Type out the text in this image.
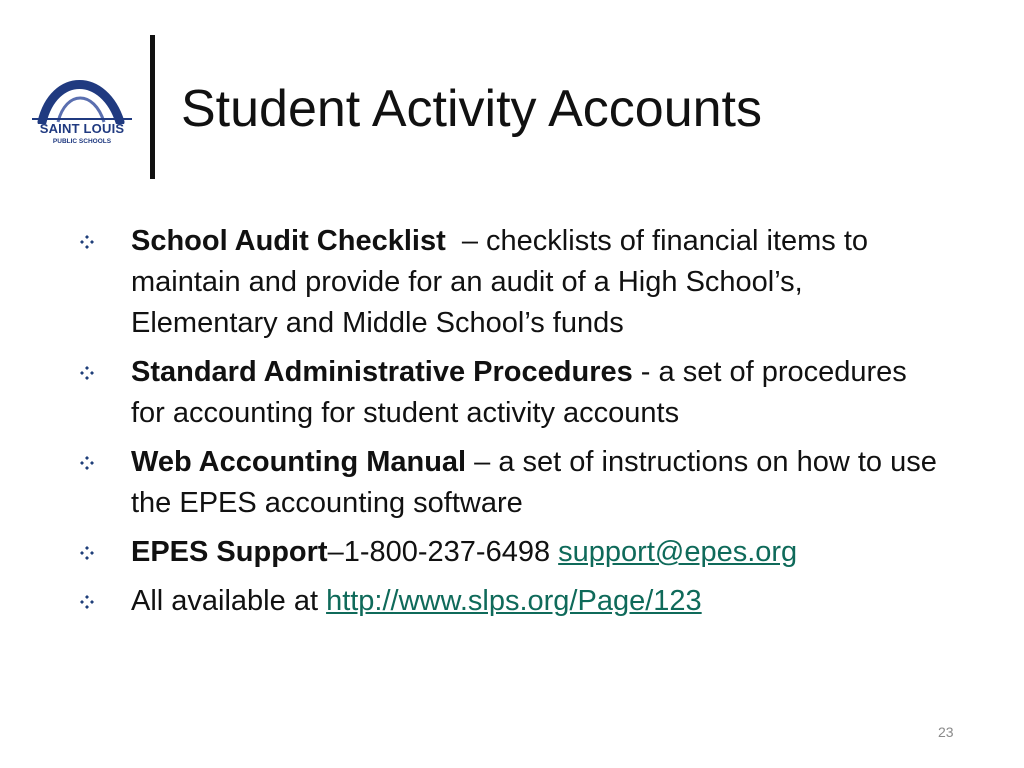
SAINT LOUIS
PUBLIC SCHOOLS
Student Activity Accounts
School Audit Checklist  – checklists of financial items to maintain and provide for an audit of a High School’s, Elementary and Middle School’s funds
Standard Administrative Procedures - a set of procedures for accounting for student activity accounts
Web Accounting Manual – a set of instructions on how to use the EPES accounting software
EPES Support–1-800-237-6498 support@epes.org
All available at http://www.slps.org/Page/123
23
